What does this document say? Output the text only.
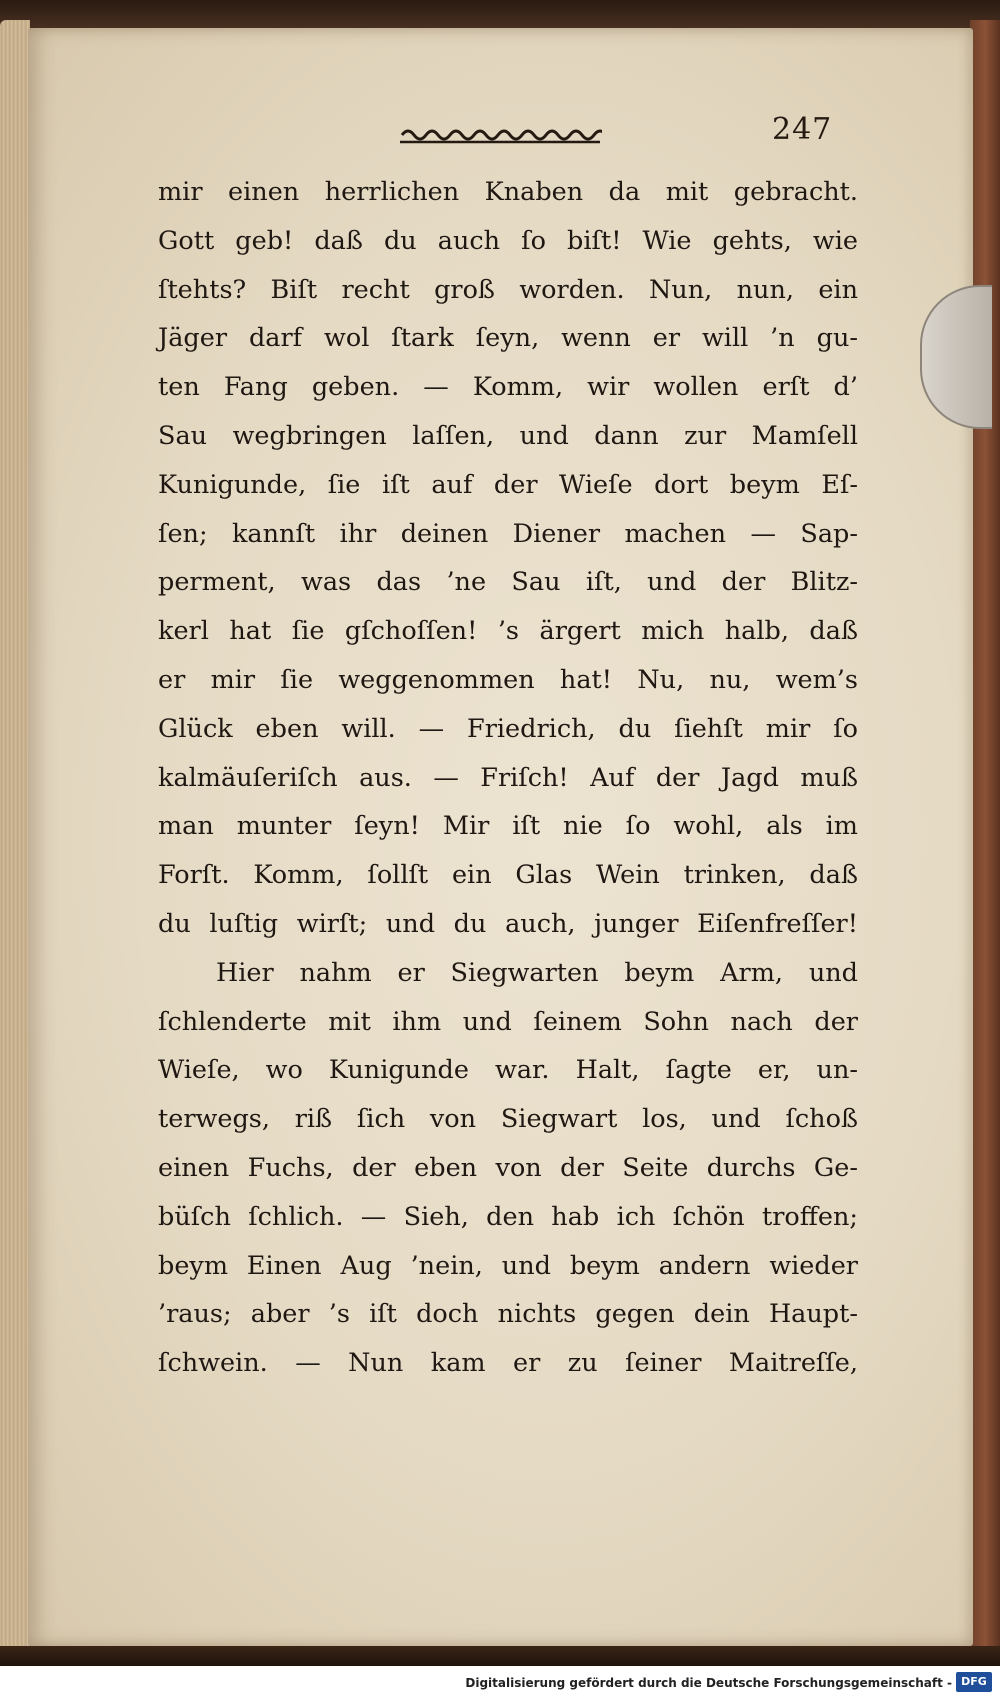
247
mir einen herrlichen Knaben da mit gebracht.
Gott geb! daß du auch ſo biſt! Wie gehts, wie
ſtehts? Biſt recht groß worden. Nun, nun, ein
Jäger darf wol ſtark ſeyn, wenn er will ’n gu-
ten Fang geben. — Komm, wir wollen erſt d’
Sau wegbringen laſſen, und dann zur Mamſell
Kunigunde, ſie iſt auf der Wieſe dort beym Eſ-
ſen; kannſt ihr deinen Diener machen — Sap-
perment, was das ’ne Sau iſt, und der Blitz-
kerl hat ſie gſchoſſen! ’s ärgert mich halb, daß
er mir ſie weggenommen hat! Nu, nu, wem’s
Glück eben will. — Friedrich, du ſiehſt mir ſo
kalmäuſeriſch aus. — Friſch! Auf der Jagd muß
man munter ſeyn! Mir iſt nie ſo wohl, als im
Forſt. Komm, ſollſt ein Glas Wein trinken, daß
du luſtig wirſt; und du auch, junger Eiſenfreſſer!
Hier nahm er Siegwarten beym Arm, und
ſchlenderte mit ihm und ſeinem Sohn nach der
Wieſe, wo Kunigunde war. Halt, ſagte er, un-
terwegs, riß ſich von Siegwart los, und ſchoß
einen Fuchs, der eben von der Seite durchs Ge-
büſch ſchlich. — Sieh, den hab ich ſchön troffen;
beym Einen Aug ’nein, und beym andern wieder
’raus; aber ’s iſt doch nichts gegen dein Haupt-
ſchwein. — Nun kam er zu ſeiner Maitreſſe,
Digitalisierung gefördert durch die Deutsche Forschungsgemeinschaft - DFG
